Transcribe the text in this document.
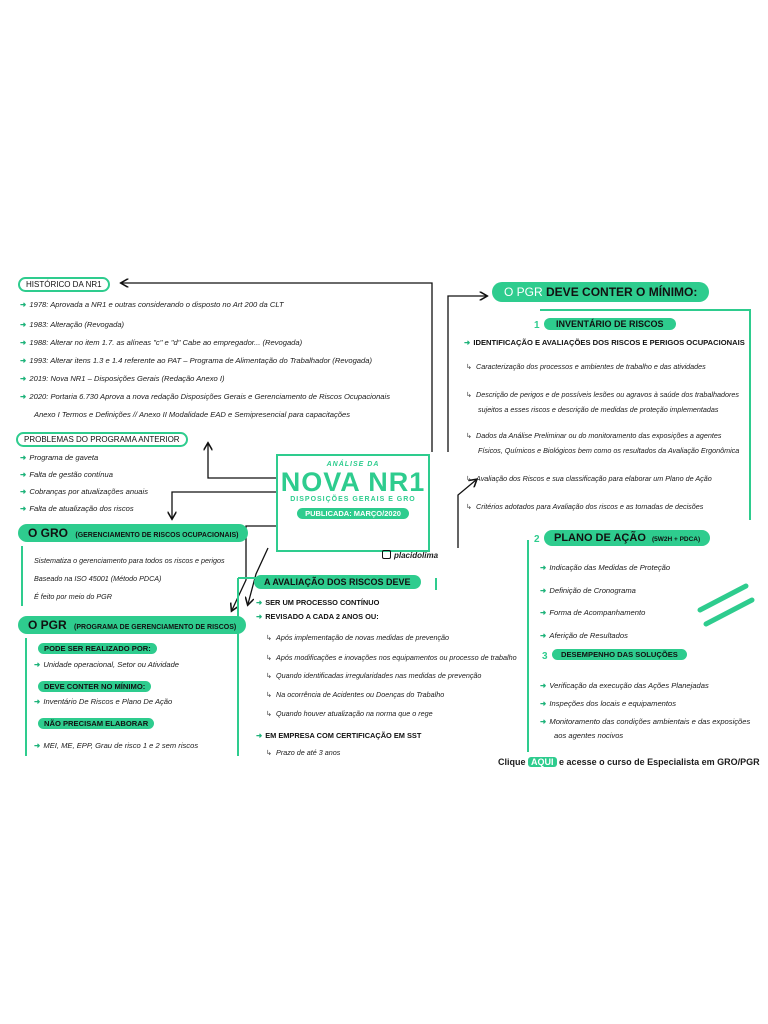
ANÁLISE DA
NOVA NR1
DISPOSIÇÕES GERAIS E GRO
PUBLICADA: MARÇO/2020
placidolima
HISTÓRICO DA NR1
➜ 1978: Aprovada a NR1 e outras considerando o disposto no Art 200 da CLT
➜ 1983: Alteração (Revogada)
➜ 1988: Alterar no item 1.7. as alíneas "c" e "d" Cabe ao empregador... (Revogada)
➜ 1993: Alterar itens 1.3 e 1.4 referente ao PAT – Programa de Alimentação do Trabalhador (Revogada)
➜ 2019: Nova NR1 – Disposições Gerais (Redação Anexo I)
➜ 2020: Portaria 6.730 Aprova a nova redação Disposições Gerais e Gerenciamento de Riscos Ocupacionais
Anexo I Termos e Definições // Anexo II Modalidade EAD e Semipresencial para capacitações
PROBLEMAS DO PROGRAMA ANTERIOR
➜ Programa de gaveta
➜ Falta de gestão contínua
➜ Cobranças por atualizações anuais
➜ Falta de atualização dos riscos
O GRO (GERENCIAMENTO DE RISCOS OCUPACIONAIS)
Sistematiza o gerenciamento para todos os riscos e perigos
Baseado na ISO 45001 (Método PDCA)
É feito por meio do PGR
O PGR (PROGRAMA DE GERENCIAMENTO DE RISCOS)
PODE SER REALIZADO POR:
➜ Unidade operacional, Setor ou Atividade
DEVE CONTER NO MÍNIMO:
➜ Inventário De Riscos e Plano De Ação
NÃO PRECISAM ELABORAR
➜ MEI, ME, EPP, Grau de risco 1 e 2 sem riscos
A AVALIAÇÃO DOS RISCOS DEVE
➜ SER UM PROCESSO CONTÍNUO
➜ REVISADO A CADA 2 ANOS OU:
↳ Após implementação de novas medidas de prevenção
↳ Após modificações e inovações nos equipamentos ou processo de trabalho
↳ Quando identificadas irregularidades nas medidas de prevenção
↳ Na ocorrência de Acidentes ou Doenças do Trabalho
↳ Quando houver atualização na norma que o rege
➜ EM EMPRESA COM CERTIFICAÇÃO EM SST
↳ Prazo de até 3 anos
O PGR DEVE CONTER O MÍNIMO:
1	INVENTÁRIO DE RISCOS
➜ IDENTIFICAÇÃO E AVALIAÇÕES DOS RISCOS E PERIGOS OCUPACIONAIS
↳ Caracterização dos processos e ambientes de trabalho e das atividades
↳ Descrição de perigos e de possíveis lesões ou agravos à saúde dos trabalhadores
sujeitos a esses riscos e descrição de medidas de proteção implementadas
↳ Dados da Análise Preliminar ou do monitoramento das exposições a agentes
Físicos, Químicos e Biológicos bem como os resultados da Avaliação Ergonômica
↳ Avaliação dos Riscos e sua classificação para elaborar um Plano de Ação
↳ Critérios adotados para Avaliação dos riscos e as tomadas de decisões
2	PLANO DE AÇÃO (5W2H + PDCA)
➜ Indicação das Medidas de Proteção
➜ Definição de Cronograma
➜ Forma de Acompanhamento
➜ Aferição de Resultados
3	DESEMPENHO DAS SOLUÇÕES
➜ Verificação da execução das Ações Planejadas
➜ Inspeções dos locais e equipamentos
➜ Monitoramento das condições ambientais e das exposições
aos agentes nocivos
Clique AQUI e acesse o curso de Especialista em GRO/PGR
